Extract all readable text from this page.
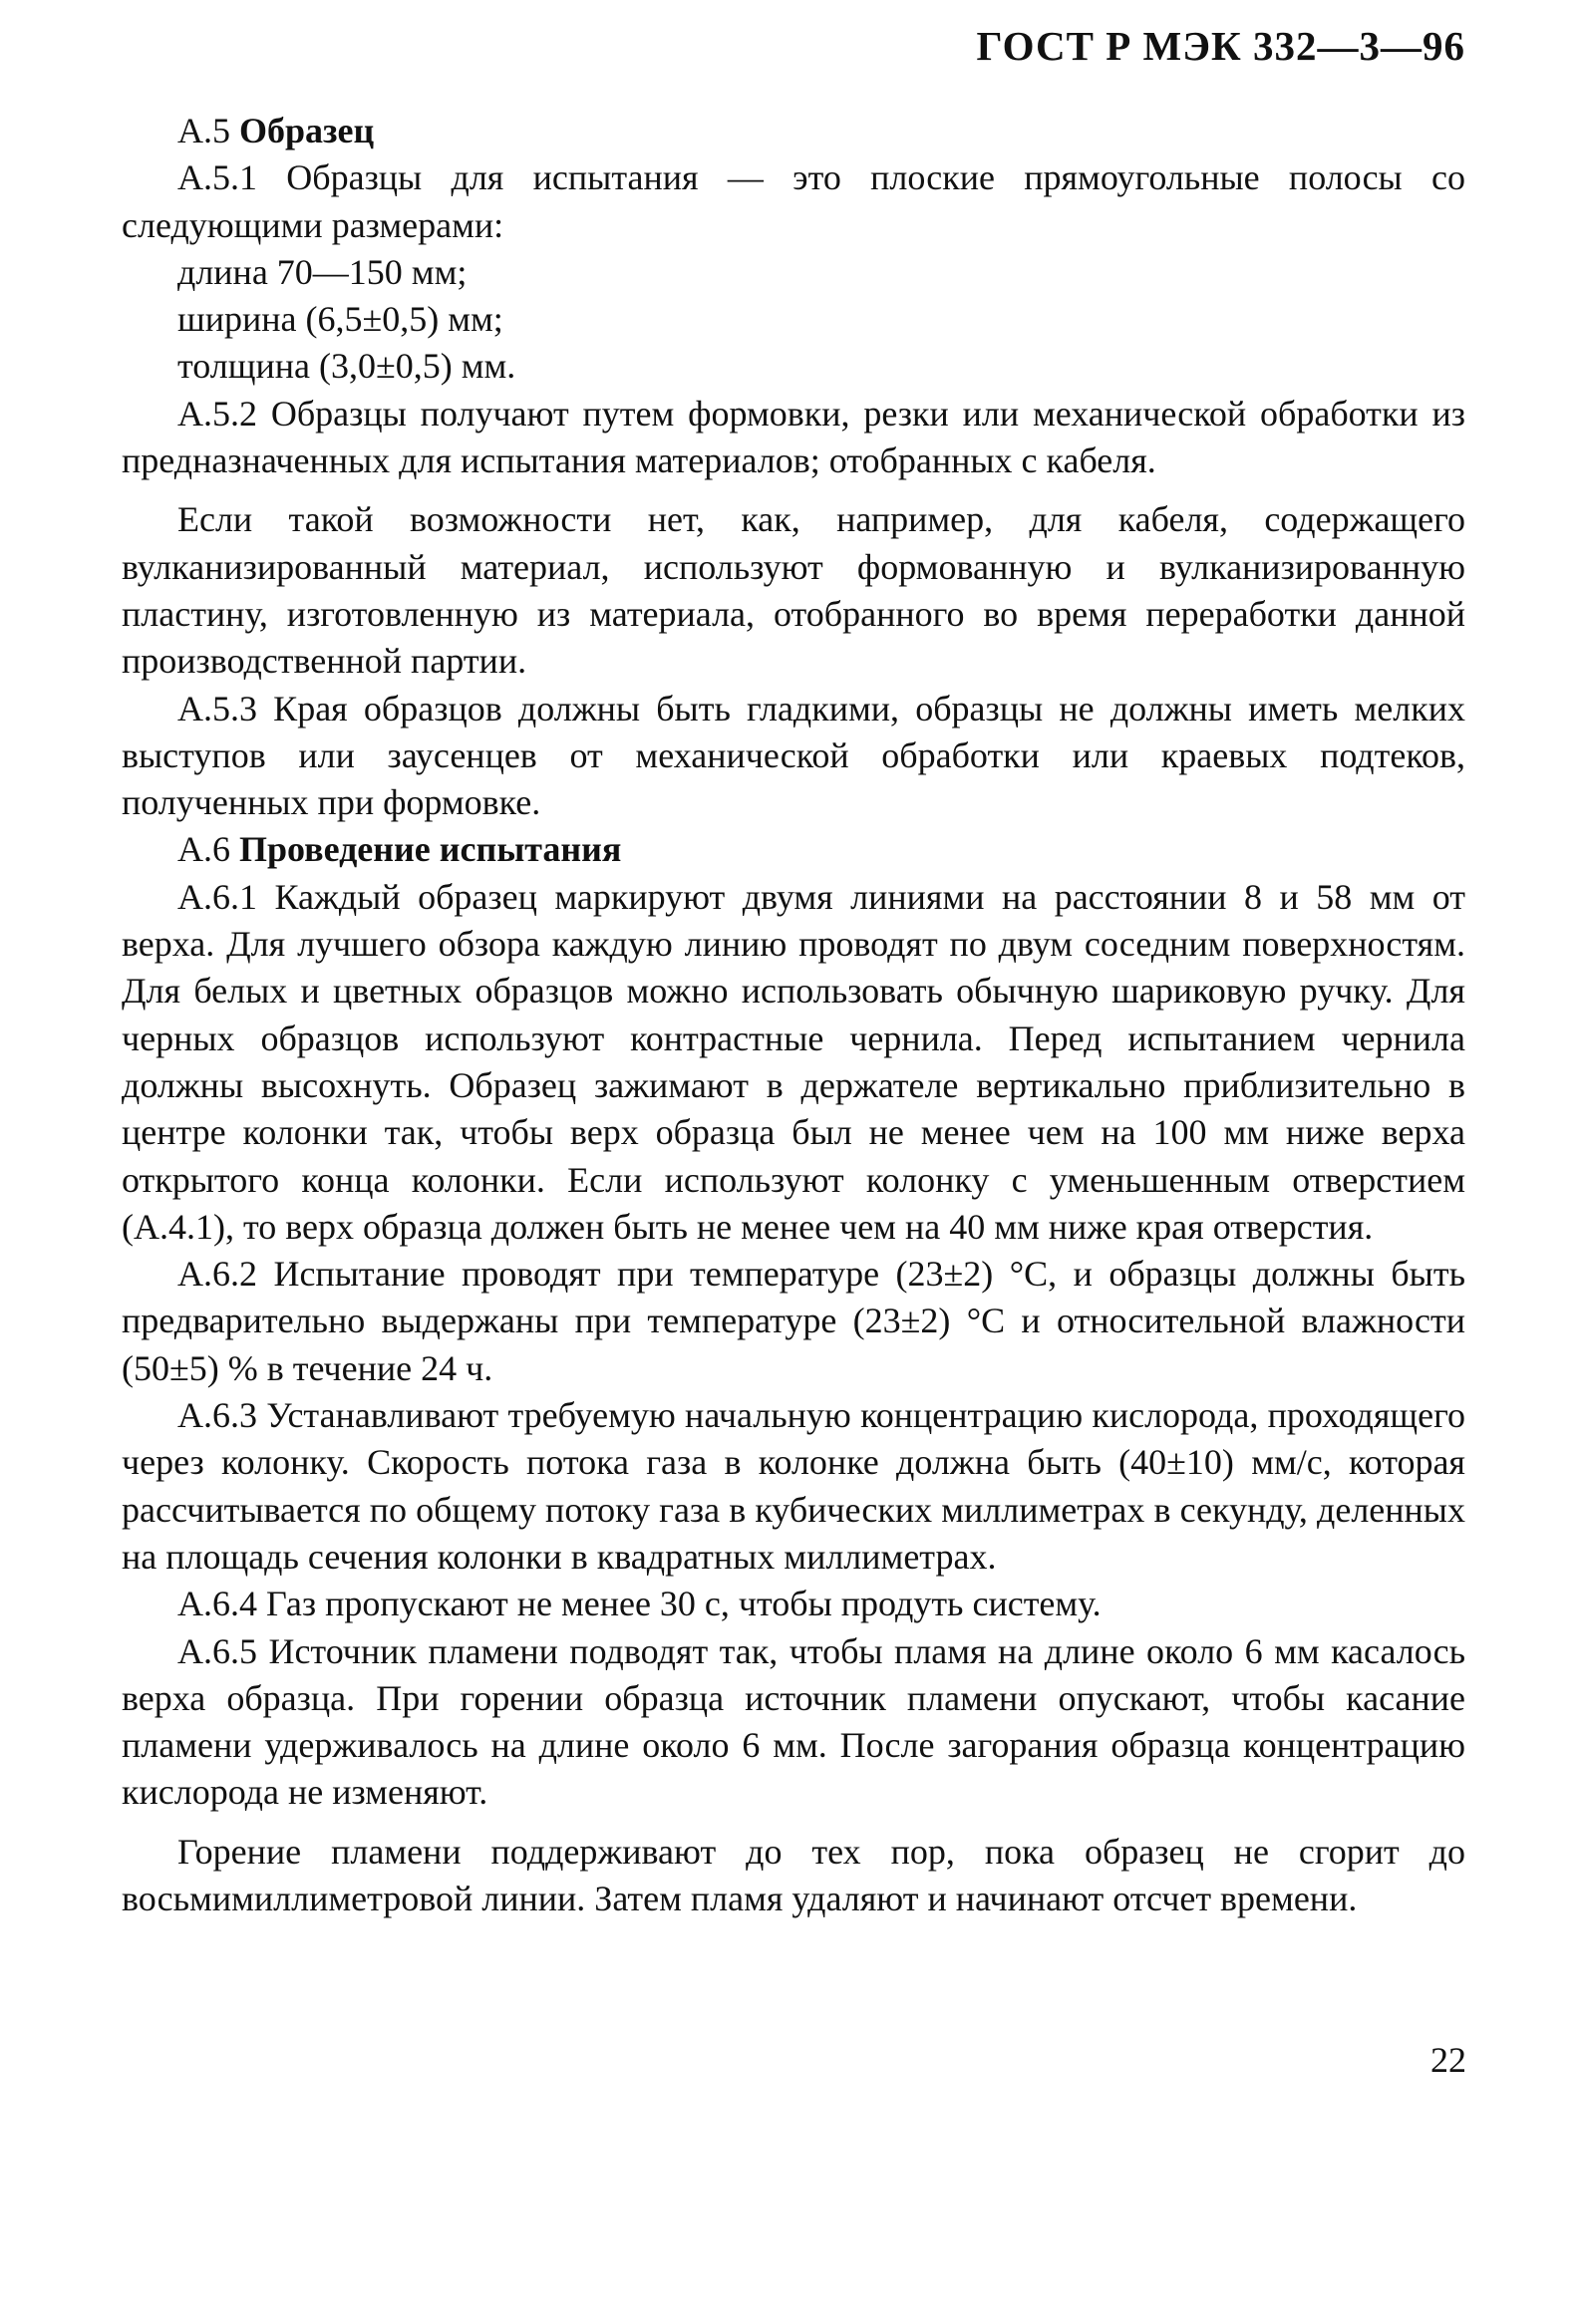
ГОСТ Р МЭК 332—3—96

А.5 Образец

А.5.1 Образцы для испытания — это плоские прямоугольные полосы со следующими размерами:

длина 70—150 мм;

ширина (6,5±0,5) мм;

толщина (3,0±0,5) мм.

А.5.2 Образцы получают путем формовки, резки или механической обработки из предназначенных для испытания материалов; отобранных с кабеля.

Если такой возможности нет, как, например, для кабеля, содержащего вулканизированный материал, используют формованную и вулканизированную пластину, изготовленную из материала, отобранного во время переработки данной производственной партии.

А.5.3 Края образцов должны быть гладкими, образцы не должны иметь мелких выступов или заусенцев от механической обработки или краевых подтеков, полученных при формовке.

А.6 Проведение испытания

А.6.1 Каждый образец маркируют двумя линиями на расстоянии 8 и 58 мм от верха. Для лучшего обзора каждую линию проводят по двум соседним поверхностям. Для белых и цветных образцов можно использовать обычную шариковую ручку. Для черных образцов используют контрастные чернила. Перед испытанием чернила должны высохнуть. Образец зажимают в держателе вертикально приблизительно в центре колонки так, чтобы верх образца был не менее чем на 100 мм ниже верха открытого конца колонки. Если используют колонку с уменьшенным отверстием (А.4.1), то верх образца должен быть не менее чем на 40 мм ниже края отверстия.

А.6.2 Испытание проводят при температуре (23±2) °С, и образцы должны быть предварительно выдержаны при температуре (23±2) °С и относительной влажности (50±5) % в течение 24 ч.

А.6.3 Устанавливают требуемую начальную концентрацию кислорода, проходящего через колонку. Скорость потока газа в колонке должна быть (40±10) мм/с, которая рассчитывается по общему потоку газа в кубических миллиметрах в секунду, деленных на площадь сечения колонки в квадратных миллиметрах.

А.6.4 Газ пропускают не менее 30 с, чтобы продуть систему.

А.6.5 Источник пламени подводят так, чтобы пламя на длине около 6 мм касалось верха образца. При горении образца источник пламени опускают, чтобы касание пламени удерживалось на длине около 6 мм. После загорания образца концентрацию кислорода не изменяют.

Горение пламени поддерживают до тех пор, пока образец не сгорит до восьмимиллиметровой линии. Затем пламя удаляют и начинают отсчет времени.

22
